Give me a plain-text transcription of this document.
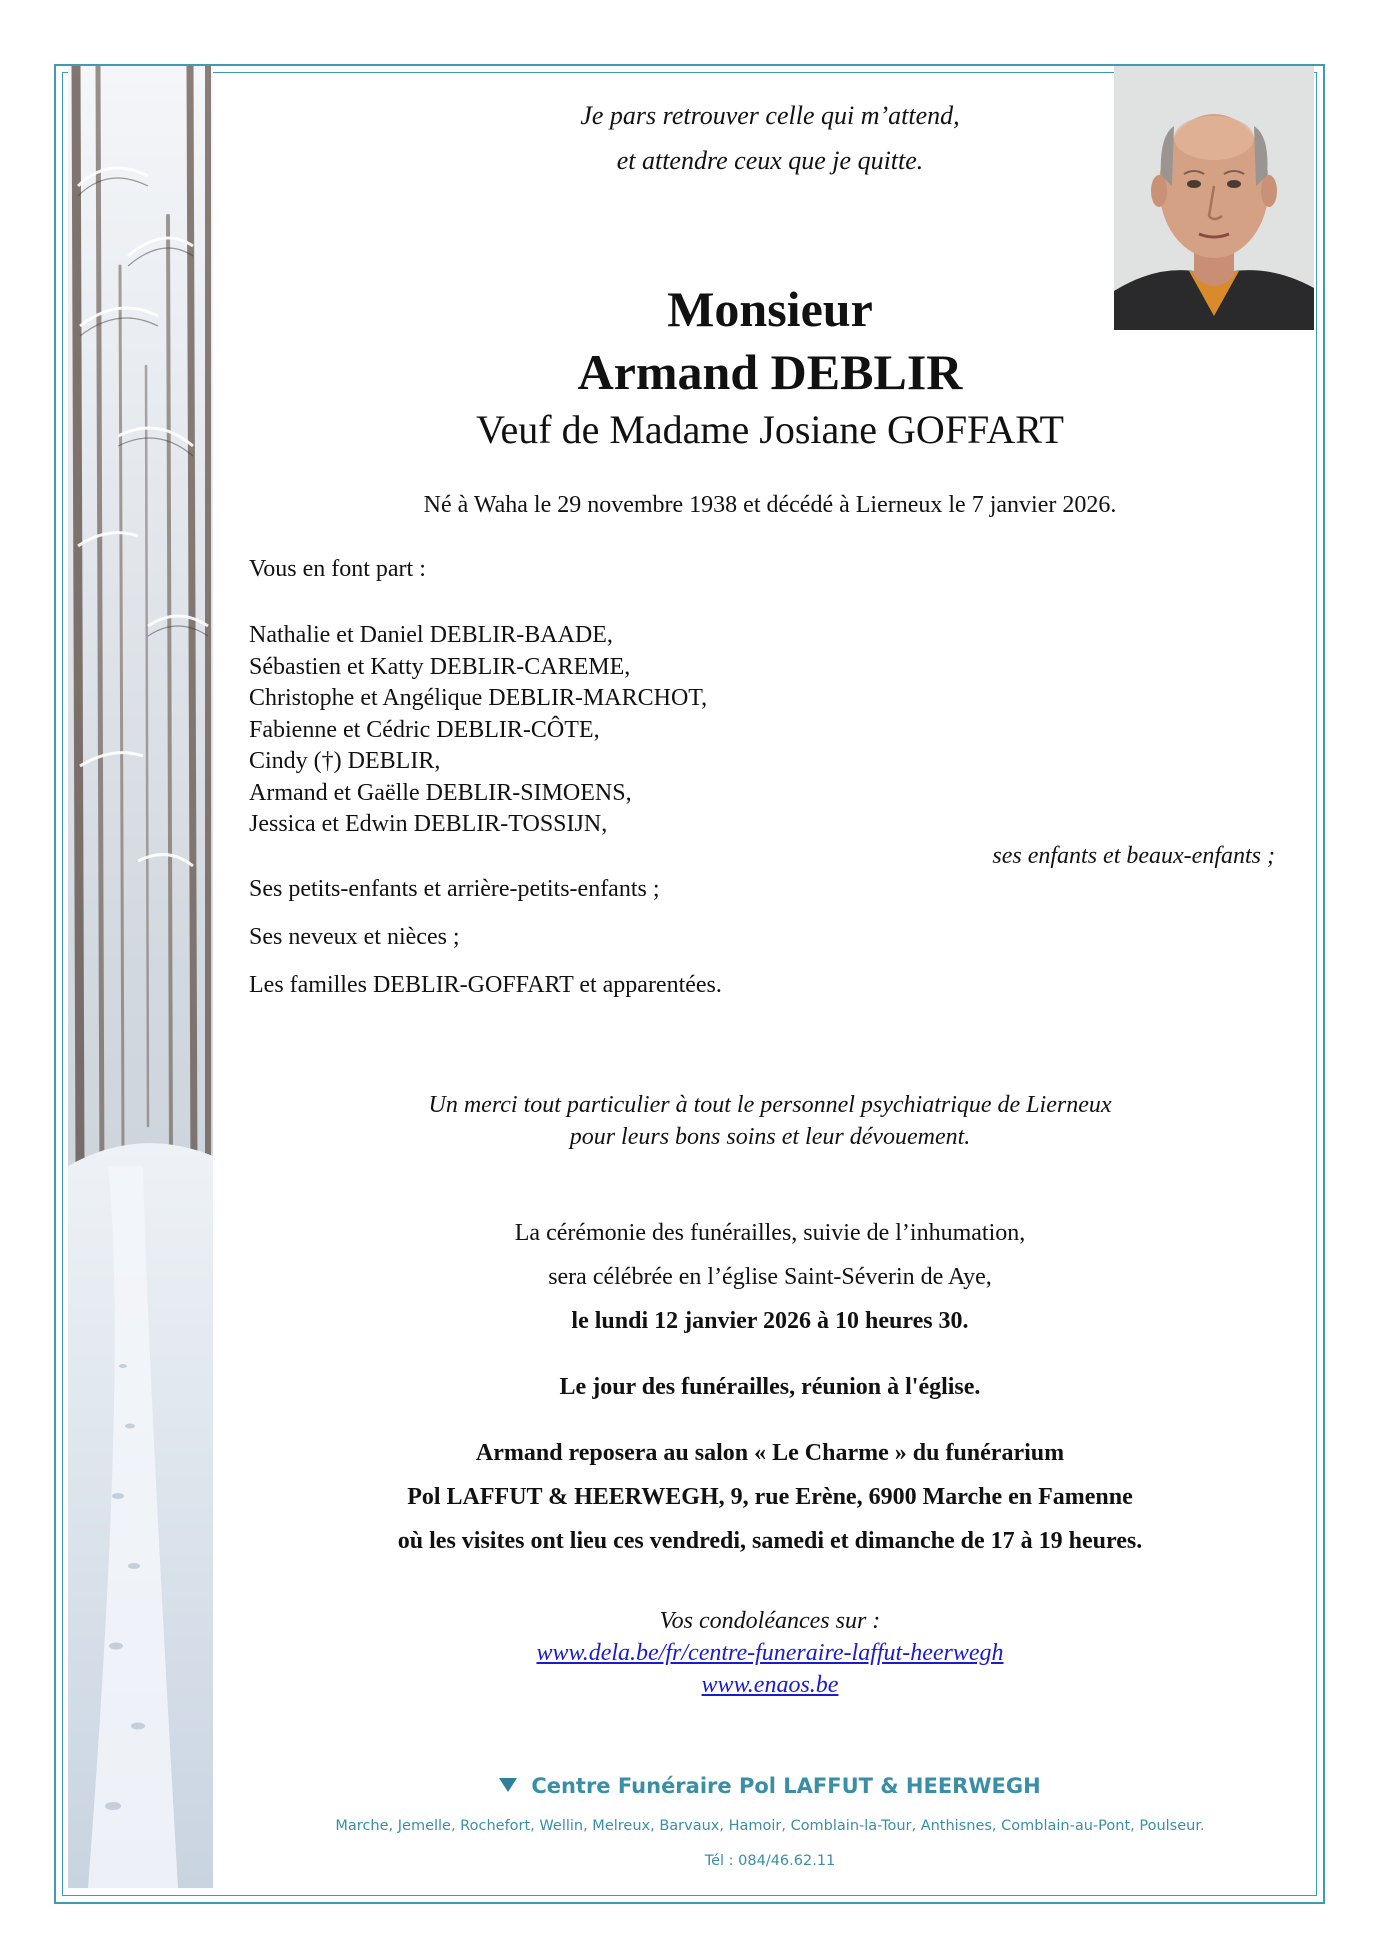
Je pars retrouver celle qui m’attend,
et attendre ceux que je quitte.
Monsieur
Armand DEBLIR
Veuf de Madame Josiane GOFFART
Né à Waha le 29 novembre 1938 et décédé à Lierneux le 7 janvier 2026.
Vous en font part :
Nathalie et Daniel DEBLIR-BAADE,
Sébastien et Katty DEBLIR-CAREME,
Christophe et Angélique DEBLIR-MARCHOT,
Fabienne et Cédric DEBLIR-CÔTE,
Cindy (†) DEBLIR,
Armand et Gaëlle DEBLIR-SIMOENS,
Jessica et Edwin DEBLIR-TOSSIJN,
ses enfants et beaux-enfants ;
Ses petits-enfants et arrière-petits-enfants ;
Ses neveux et nièces ;
Les familles DEBLIR-GOFFART et apparentées.
Un merci tout particulier à tout le personnel psychiatrique de Lierneux
pour leurs bons soins et leur dévouement.
La cérémonie des funérailles, suivie de l’inhumation,
sera célébrée en l’église Saint-Séverin de Aye,
le lundi 12 janvier 2026 à 10 heures 30.
Le jour des funérailles, réunion à l'église.
Armand reposera au salon « Le Charme » du funérarium
Pol LAFFUT & HEERWEGH, 9, rue Erène, 6900 Marche en Famenne
où les visites ont lieu ces vendredi, samedi et dimanche de 17 à 19 heures.
Vos condoléances sur :
www.dela.be/fr/centre-funeraire-laffut-heerwegh
www.enaos.be
Centre Funéraire Pol LAFFUT & HEERWEGH
Marche, Jemelle, Rochefort, Wellin, Melreux, Barvaux, Hamoir, Comblain-la-Tour, Anthisnes, Comblain-au-Pont, Poulseur.
Tél : 084/46.62.11
